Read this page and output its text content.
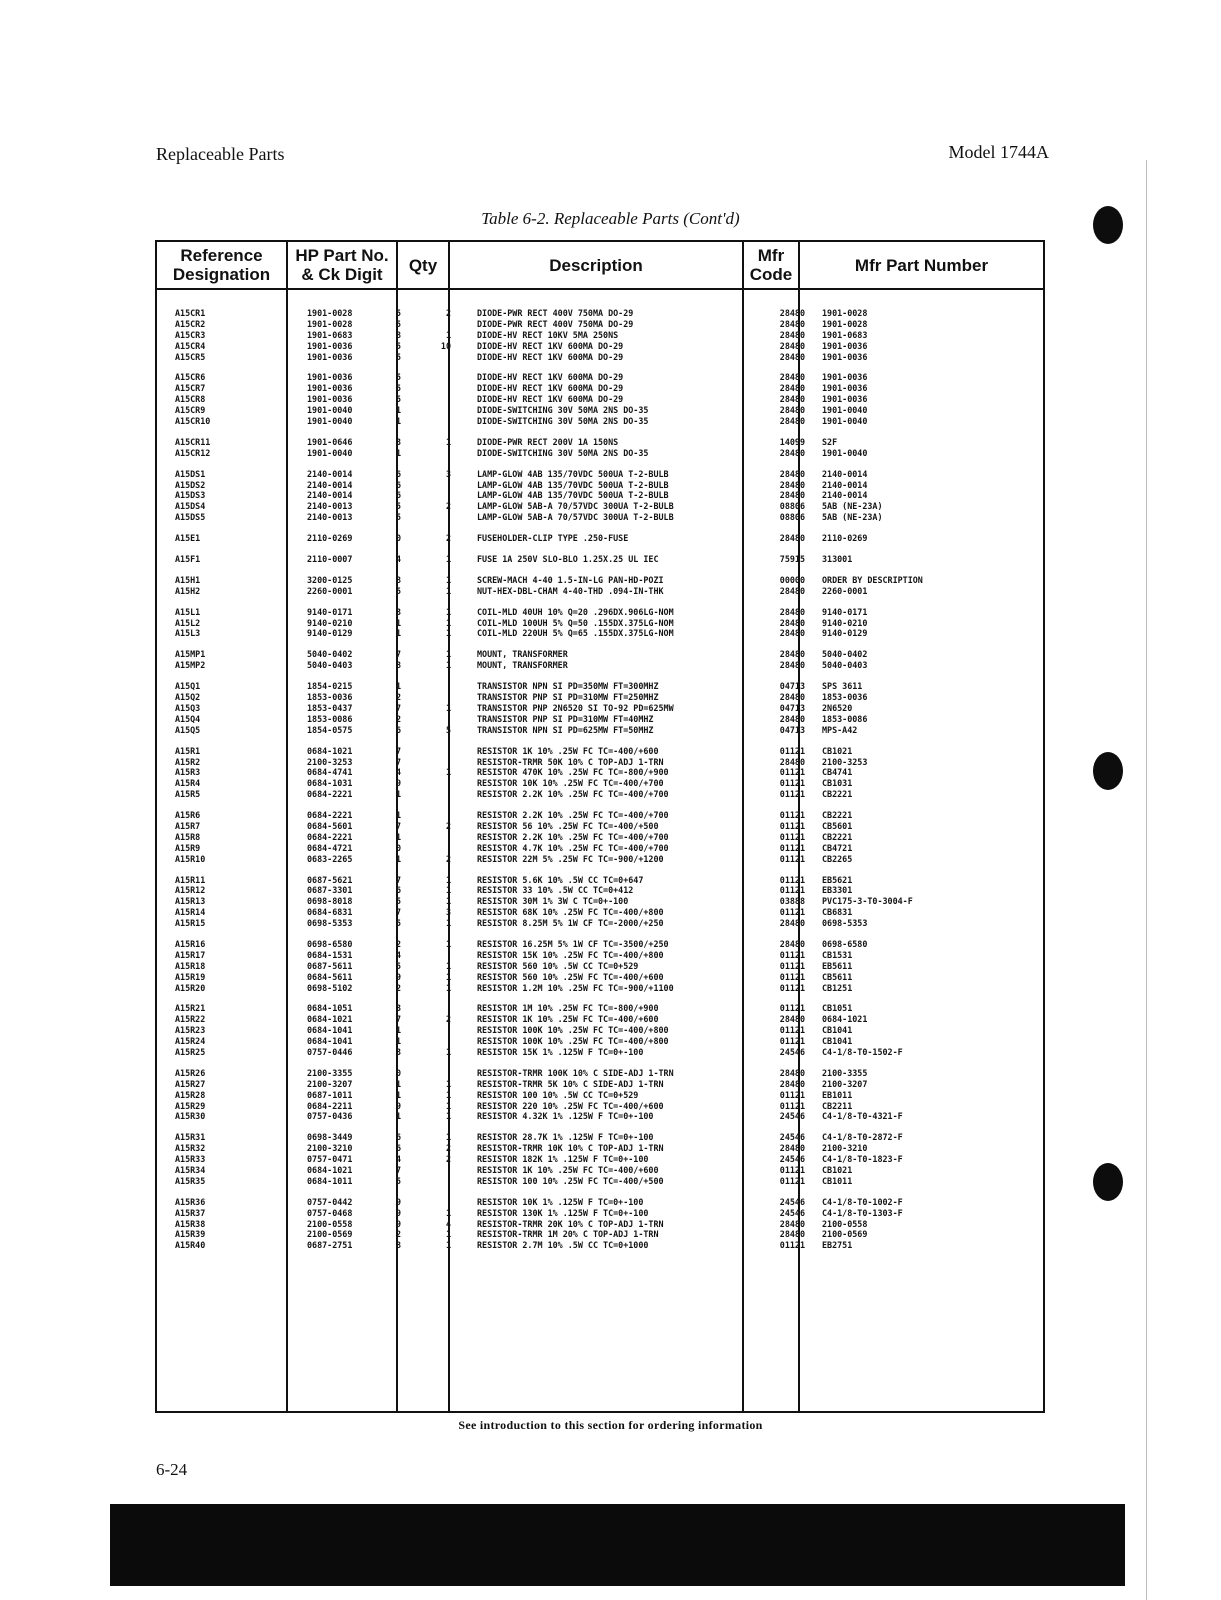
Replaceable Parts	Model 1744A
Table 6-2. Replaceable Parts (Cont'd)
Reference Designation
HP Part No. & Ck Digit	Qty	Description	Mfr Code	Mfr Part Number
A15CR1	1901-0028	5	2	DIODE-PWR RECT 400V 750MA DO-29	28480 1901-0028
A15CR2	1901-0028	5	DIODE-PWR RECT 400V 750MA DO-29	28480 1901-0028
A15CR3	1901-0683	8	1	DIODE-HV RECT 10KV 5MA 250NS	28480 1901-0683
A15CR4	1901-0036	5	10	DIODE-HV RECT 1KV 600MA DO-29	28480 1901-0036
A15CR5	1901-0036	5	DIODE-HV RECT 1KV 600MA DO-29	28480 1901-0036
A15CR6	1901-0036	5	DIODE-HV RECT 1KV 600MA DO-29	28480 1901-0036
A15CR7	1901-0036	5	DIODE-HV RECT 1KV 600MA DO-29	28480 1901-0036
A15CR8	1901-0036	5	DIODE-HV RECT 1KV 600MA DO-29	28480 1901-0036
A15CR9	1901-0040	1	DIODE-SWITCHING 30V 50MA 2NS DO-35	28480 1901-0040
A15CR10	1901-0040	1	DIODE-SWITCHING 30V 50MA 2NS DO-35	28480 1901-0040
A15CR11	1901-0646	3	1	DIODE-PWR RECT 200V 1A 150NS	14099 S2F
A15CR12	1901-0040	1	DIODE-SWITCHING 30V 50MA 2NS DO-35	28480 1901-0040
A15DS1	2140-0014	6	3	LAMP-GLOW 4AB 135/70VDC 500UA T-2-BULB	28480 2140-0014
A15DS2	2140-0014	6	LAMP-GLOW 4AB 135/70VDC 500UA T-2-BULB	28480 2140-0014
A15DS3	2140-0014	6	LAMP-GLOW 4AB 135/70VDC 500UA T-2-BULB	28480 2140-0014
A15DS4	2140-0013	5	2	LAMP-GLOW 5AB-A 70/57VDC 300UA T-2-BULB	08806 5AB (NE-23A)
A15DS5	2140-0013	5	LAMP-GLOW 5AB-A 70/57VDC 300UA T-2-BULB	08806 5AB (NE-23A)
A15E1	2110-0269	0	2	FUSEHOLDER-CLIP TYPE .250-FUSE	28480 2110-0269
A15F1	2110-0007	4	1	FUSE 1A 250V SLO-BLO 1.25X.25 UL IEC	75915 313001
A15H1	3200-0125	8	1	SCREW-MACH 4-40 1.5-IN-LG PAN-HD-POZI	00000 ORDER BY DESCRIPTION
A15H2	2260-0001	5	1	NUT-HEX-DBL-CHAM 4-40-THD .094-IN-THK	28480 2260-0001
A15L1	9140-0171	3	1	COIL-MLD 40UH 10% Q=20 .296DX.906LG-NOM	28480 9140-0171
A15L2	9140-0210	1	1	COIL-MLD 100UH 5% Q=50 .155DX.375LG-NOM	28480 9140-0210
A15L3	9140-0129	1	1	COIL-MLD 220UH 5% Q=65 .155DX.375LG-NOM	28480 9140-0129
A15MP1	5040-0402	7	1	MOUNT, TRANSFORMER	28480 5040-0402
A15MP2	5040-0403	8	1	MOUNT, TRANSFORMER	28480 5040-0403
A15Q1	1854-0215	1	TRANSISTOR NPN SI PD=350MW FT=300MHZ	04713 SPS 3611
A15Q2	1853-0036	2	TRANSISTOR PNP SI PD=310MW FT=250MHZ	28480 1853-0036
A15Q3	1853-0437	7	1	TRANSISTOR PNP 2N6520 SI TO-92 PD=625MW	04713 2N6520
A15Q4	1853-0086	2	TRANSISTOR PNP SI PD=310MW FT=40MHZ	28480 1853-0086
A15Q5	1854-0575	6	5	TRANSISTOR NPN SI PD=625MW FT=50MHZ	04713 MPS-A42
A15R1	0684-1021	7	RESISTOR 1K 10% .25W FC TC=-400/+600	01121 CB1021
A15R2	2100-3253	7	RESISTOR-TRMR 50K 10% C TOP-ADJ 1-TRN	28480 2100-3253
A15R3	0684-4741	4	1	RESISTOR 470K 10% .25W FC TC=-800/+900	01121 CB4741
A15R4	0684-1031	9	RESISTOR 10K 10% .25W FC TC=-400/+700	01121 CB1031
A15R5	0684-2221	1	RESISTOR 2.2K 10% .25W FC TC=-400/+700	01121 CB2221
A15R6	0684-2221	1	RESISTOR 2.2K 10% .25W FC TC=-400/+700	01121 CB2221
A15R7	0684-5601	7	2	RESISTOR 56 10% .25W FC TC=-400/+500	01121 CB5601
A15R8	0684-2221	1	RESISTOR 2.2K 10% .25W FC TC=-400/+700	01121 CB2221
A15R9	0684-4721	0	RESISTOR 4.7K 10% .25W FC TC=-400/+700	01121 CB4721
A15R10	0683-2265	1	2	RESISTOR 22M 5% .25W FC TC=-900/+1200	01121 CB2265
A15R11	0687-5621	7	1	RESISTOR 5.6K 10% .5W CC TC=0+647	01121 EB5621
A15R12	0687-3301	6	1	RESISTOR 33 10% .5W CC TC=0+412	01121 EB3301
A15R13	0698-8018	5	1	RESISTOR 30M 1% 3W C TC=0+-100	03888 PVC175-3-T0-3004-F
A15R14	0684-6831	7	3	RESISTOR 68K 10% .25W FC TC=-400/+800	01121 CB6831
A15R15	0698-5353	5	1	RESISTOR 8.25M 5% 1W CF TC=-2000/+250	28480 0698-5353
A15R16	0698-6580	2	1	RESISTOR 16.25M 5% 1W CF TC=-3500/+250	28480 0698-6580
A15R17	0684-1531	4	RESISTOR 15K 10% .25W FC TC=-400/+800	01121 CB1531
A15R18	0687-5611	5	1	RESISTOR 560 10% .5W CC TC=0+529	01121 EB5611
A15R19	0684-5611	9	1	RESISTOR 560 10% .25W FC TC=-400/+600	01121 CB5611
A15R20	0698-5102	2	1	RESISTOR 1.2M 10% .25W FC TC=-900/+1100	01121 CB1251
A15R21	0684-1051	3	RESISTOR 1M 10% .25W FC TC=-800/+900	01121 CB1051
A15R22	0684-1021	7	2	RESISTOR 1K 10% .25W FC TC=-400/+600	28480 0684-1021
A15R23	0684-1041	1	RESISTOR 100K 10% .25W FC TC=-400/+800	01121 CB1041
A15R24	0684-1041	1	RESISTOR 100K 10% .25W FC TC=-400/+800	01121 CB1041
A15R25	0757-0446	3	1	RESISTOR 15K 1% .125W F TC=0+-100	24546 C4-1/8-T0-1502-F
A15R26	2100-3355	0	RESISTOR-TRMR 100K 10% C SIDE-ADJ 1-TRN	28480 2100-3355
A15R27	2100-3207	1	1	RESISTOR-TRMR 5K 10% C SIDE-ADJ 1-TRN	28480 2100-3207
A15R28	0687-1011	1	1	RESISTOR 100 10% .5W CC TC=0+529	01121 EB1011
A15R29	0684-2211	9	1	RESISTOR 220 10% .25W FC TC=-400/+600	01121 CB2211
A15R30	0757-0436	1	1	RESISTOR 4.32K 1% .125W F TC=0+-100	24546 C4-1/8-T0-4321-F
A15R31	0698-3449	6	1	RESISTOR 28.7K 1% .125W F TC=0+-100	24546 C4-1/8-T0-2872-F
A15R32	2100-3210	6	2	RESISTOR-TRMR 10K 10% C TOP-ADJ 1-TRN	28480 2100-3210
A15R33	0757-0471	4	2	RESISTOR 182K 1% .125W F TC=0+-100	24546 C4-1/8-T0-1823-F
A15R34	0684-1021	7	RESISTOR 1K 10% .25W FC TC=-400/+600	01121 CB1021
A15R35	0684-1011	5	RESISTOR 100 10% .25W FC TC=-400/+500	01121 CB1011
A15R36	0757-0442	9	RESISTOR 10K 1% .125W F TC=0+-100	24546 C4-1/8-T0-1002-F
A15R37	0757-0468	9	1	RESISTOR 130K 1% .125W F TC=0+-100	24546 C4-1/8-T0-1303-F
A15R38	2100-0558	9	4	RESISTOR-TRMR 20K 10% C TOP-ADJ 1-TRN	28480 2100-0558
A15R39	2100-0569	2	1	RESISTOR-TRMR 1M 20% C TOP-ADJ 1-TRN	28480 2100-0569
A15R40	0687-2751	8	1	RESISTOR 2.7M 10% .5W CC TC=0+1000	01121 EB2751
See introduction to this section for ordering information
6-24
